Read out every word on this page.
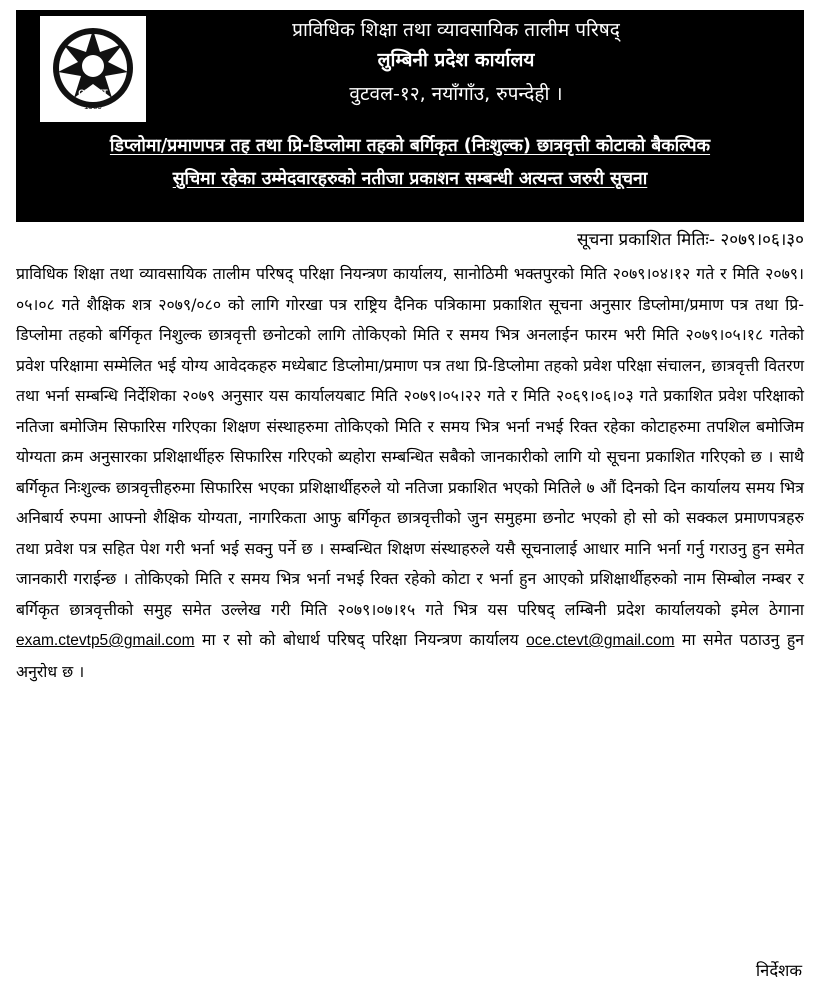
CTEVT
1989
प्राविधिक शिक्षा तथा व्यावसायिक तालीम परिषद्
लुम्बिनी प्रदेश कार्यालय
वुटवल-१२, नयाँगाँउ, रुपन्देही ।
डिप्लोमा/प्रमाणपत्र तह तथा प्रि-डिप्लोमा तहको बर्गिकृत (निःशुल्क) छात्रवृत्ती कोटाको बैकल्पिक
सुचिमा रहेका उम्मेदवारहरुको नतीजा प्रकाशन सम्बन्धी अत्यन्त जरुरी सूचना
सूचना प्रकाशित मितिः- २०७९।०६।३०
प्राविधिक शिक्षा तथा व्यावसायिक तालीम परिषद् परिक्षा नियन्त्रण कार्यालय, सानोठिमी भक्तपुरको मिति २०७९।०४।१२ गते र मिति २०७९।०५।०८ गते शैक्षिक शत्र २०७९/०८० को लागि गोरखा पत्र राष्ट्रिय दैनिक पत्रिकामा प्रकाशित सूचना अनुसार डिप्लोमा/प्रमाण पत्र तथा प्रि-डिप्लोमा तहको बर्गिकृत निशुल्क छात्रवृत्ती छनोटको लागि तोकिएको मिति र समय भित्र अनलाईन फारम भरी मिति २०७९।०५।१८ गतेको प्रवेश परिक्षामा सम्मेलित भई योग्य आवेदकहरु मध्येबाट डिप्लोमा/प्रमाण पत्र तथा प्रि-डिप्लोमा तहको प्रवेश परिक्षा संचालन, छात्रवृत्ती वितरण तथा भर्ना सम्बन्धि निर्देशिका २०७९ अनुसार यस कार्यालयबाट मिति २०७९।०५।२२ गते र मिति २०६९।०६।०३ गते प्रकाशित प्रवेश परिक्षाको नतिजा बमोजिम सिफारिस गरिएका शिक्षण संस्थाहरुमा तोकिएको मिति र समय भित्र भर्ना नभई रिक्त रहेका कोटाहरुमा तपशिल बमोजिम योग्यता क्रम अनुसारका प्रशिक्षार्थीहरु सिफारिस गरिएको ब्यहोरा सम्बन्धित सबैको जानकारीको लागि यो सूचना प्रकाशित गरिएको छ । साथै बर्गिकृत निःशुल्क छात्रवृत्तीहरुमा सिफारिस भएका प्रशिक्षार्थीहरुले यो नतिजा प्रकाशित भएको मितिले ७ औं दिनको दिन कार्यालय समय भित्र अनिबार्य रुपमा आफ्नो शैक्षिक योग्यता, नागरिकता आफु बर्गिकृत छात्रवृत्तीको जुन समुहमा छनोट भएको हो सो को सक्कल प्रमाणपत्रहरु तथा प्रवेश पत्र सहित पेश गरी भर्ना भई सक्नु पर्ने छ । सम्बन्धित शिक्षण संस्थाहरुले यसै सूचनालाई आधार मानि भर्ना गर्नु गराउनु हुन समेत जानकारी गराईन्छ । तोकिएको मिति र समय भित्र भर्ना नभई रिक्त रहेको कोटा र भर्ना हुन आएको प्रशिक्षार्थीहरुको नाम सिम्बोल नम्बर र बर्गिकृत छात्रवृत्तीको समुह समेत उल्लेख गरी मिति २०७९।०७।१५ गते भित्र यस परिषद् लम्बिनी प्रदेश कार्यालयको इमेल ठेगाना exam.ctevtp5@gmail.com मा र सो को बोधार्थ परिषद् परिक्षा नियन्त्रण कार्यालय oce.ctevt@gmail.com मा समेत पठाउनु हुन अनुरोध छ ।
निर्देशक
